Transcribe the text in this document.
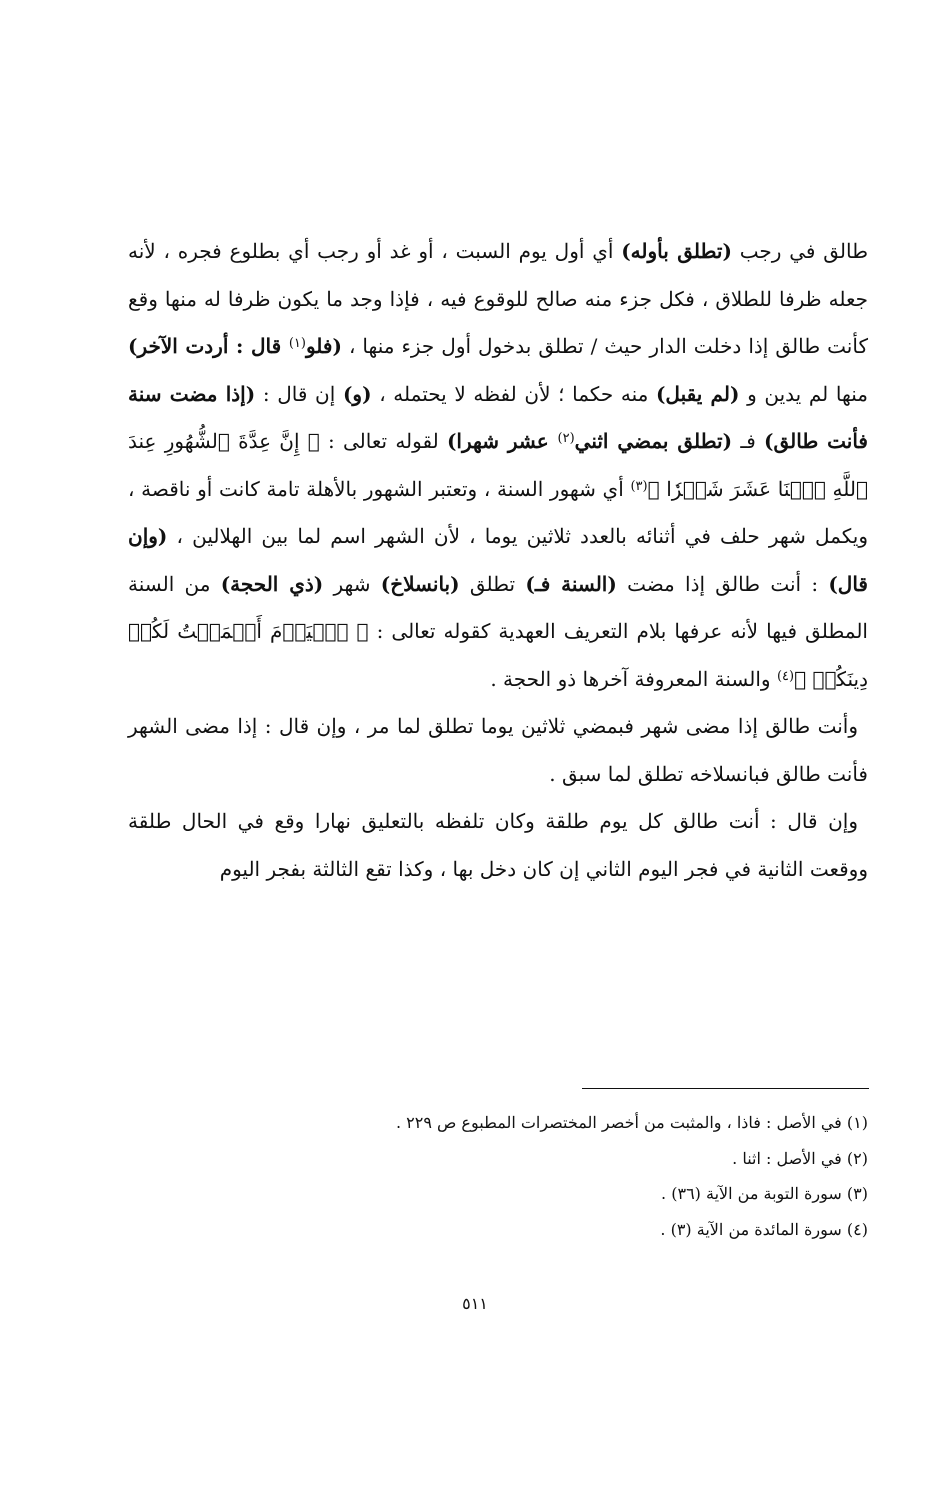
طالق في رجب (تطلق بأوله) أي أول يوم السبت ، أو غد أو رجب أي بطلوع فجره ، لأنه جعله ظرفا للطلاق ، فكل جزء منه صالح للوقوع فيه ، فإذا وجد ما يكون ظرفا له منها وقع كأنت طالق إذا دخلت الدار حيث / تطلق بدخول أول جزء منها ، (فلو$^{(١)}$ قال : أردت الآخر) منها لم يدين و (لم يقبل) منه حكما ؛ لأن لفظه لا يحتمله ، (و) إن قال : (إذا مضت سنة فأنت طالق) فـ (تطلق بمضي اثني$^{(٢)}$ عشر شهرا) لقوله تعالى : ﴿ إِنَّ عِدَّةَ ٱلشُّهُورِ عِندَ ٱللَّهِ ٱثۡنَا عَشَرَ شَهۡرٗا ﴾$^{(٣)}$ أي شهور السنة ، وتعتبر الشهور بالأهلة تامة كانت أو ناقصة ، ويكمل شهر حلف في أثنائه بالعدد ثلاثين يوما ، لأن الشهر اسم لما بين الهلالين ، (وإن قال) : أنت طالق إذا مضت (السنة فـ) تطلق (بانسلاخ) شهر (ذي الحجة) من السنة المطلق فيها لأنه عرفها بلام التعريف العهدية كقوله تعالى : ﴿ ٱلۡيَوۡمَ أَكۡمَلۡتُ لَكُمۡ دِينَكُمۡ ﴾$^{(٤)}$ والسنة المعروفة آخرها ذو الحجة .

وأنت طالق إذا مضى شهر فبمضي ثلاثين يوما تطلق لما مر ، وإن قال : إذا مضى الشهر فأنت طالق فبانسلاخه تطلق لما سبق .

وإن قال : أنت طالق كل يوم طلقة وكان تلفظه بالتعليق نهارا وقع في الحال طلقة ووقعت الثانية في فجر اليوم الثاني إن كان دخل بها ، وكذا تقع الثالثة بفجر اليوم

(١) في الأصل : فاذا ، والمثبت من أخصر المختصرات المطبوع ص ٢٢٩ .
(٢) في الأصل : اثنا .
(٣) سورة التوبة من الآية (٣٦) .
(٤) سورة المائدة من الآية (٣) .
٥١١
